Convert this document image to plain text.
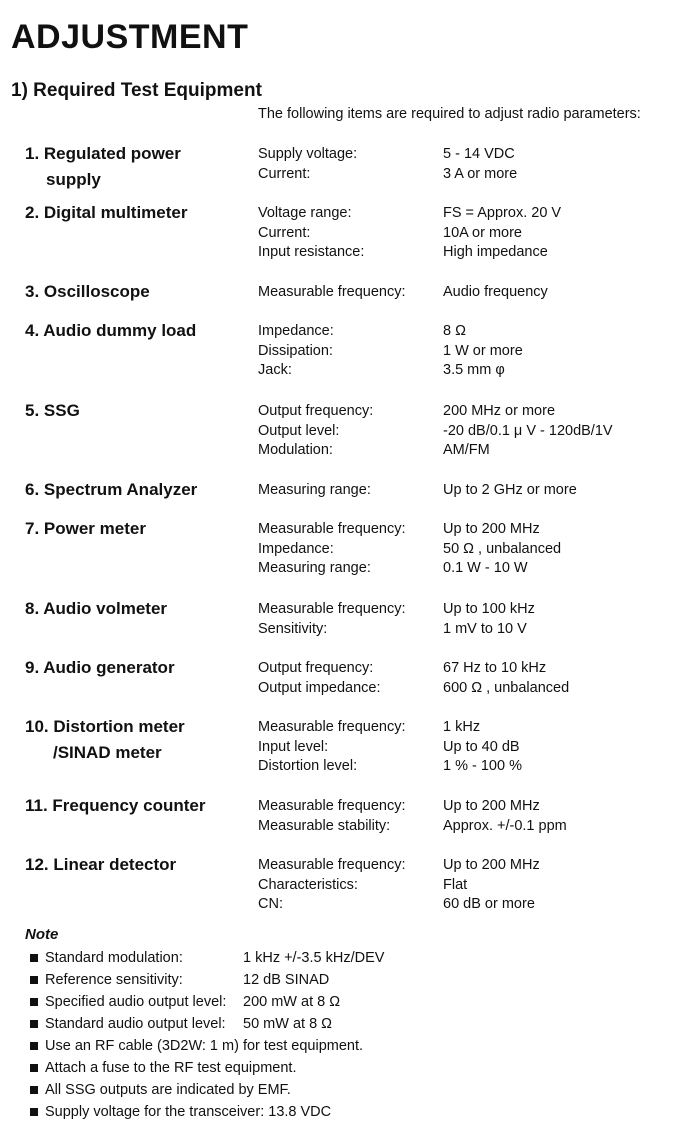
ADJUSTMENT
1) Required Test Equipment
The following items are required to adjust radio parameters:
1. Regulated power
supply
Supply voltage:	5 - 14 VDC
Current:	3 A or more
2. Digital multimeter	Voltage range:	FS = Approx. 20 V
Current:	10A or more
Input resistance:	High impedance
3. Oscilloscope	Measurable frequency:	Audio frequency
4. Audio dummy load	Impedance:	8 Ω
Dissipation:	1 W or more
Jack:	3.5 mm φ
5. SSG	Output frequency:	200 MHz or more
Output level:	-20 dB/0.1 μ V - 120dB/1V
Modulation:	AM/FM
6. Spectrum Analyzer	Measuring range:	Up to 2 GHz or more
7. Power meter	Measurable frequency:	Up to 200 MHz
Impedance:	50 Ω , unbalanced
Measuring range:	0.1 W - 10 W
8. Audio volmeter	Measurable frequency:	Up to 100 kHz
Sensitivity:	1 mV to 10 V
9. Audio generator	Output frequency:	67 Hz to 10 kHz
Output impedance:	600 Ω , unbalanced
10. Distortion meter
/SINAD meter
Measurable frequency:	1 kHz
Input level:	Up to 40 dB
Distortion level:	1 % - 100 %
11. Frequency counter	Measurable frequency:	Up to 200 MHz
Measurable stability:	Approx. +/-0.1 ppm
12. Linear detector	Measurable frequency:	Up to 200 MHz
Characteristics:	Flat
CN:	60 dB or more
Note
Standard modulation:	1 kHz +/-3.5 kHz/DEV
Reference sensitivity:	12 dB SINAD
Specified audio output level:	200 mW at 8 Ω
Standard audio output level:	50 mW at 8 Ω
Use an RF cable (3D2W: 1 m) for test equipment.
Attach a fuse to the RF test equipment.
All SSG outputs are indicated by EMF.
Supply voltage for the transceiver: 13.8 VDC
